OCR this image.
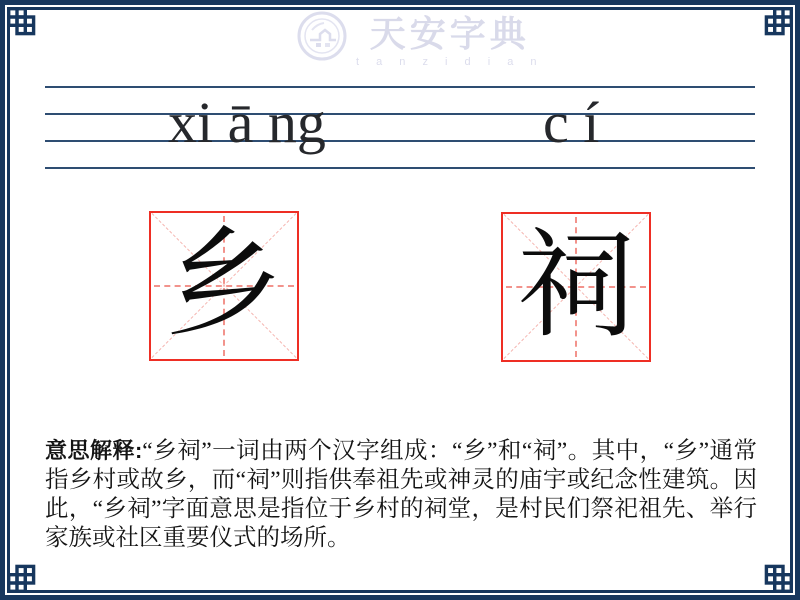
天安字典
t a n z i d i a n
xi ā ng	c í
乡 祠

意思解释:“乡祠”一词由两个汉字组成：“乡”和“祠”。其中，“乡”通常指乡村或故乡，而“祠”则指供奉祖先或神灵的庙宇或纪念性建筑。因此，“乡祠”字面意思是指位于乡村的祠堂，是村民们祭祀祖先、举行家族或社区重要仪式的场所。
